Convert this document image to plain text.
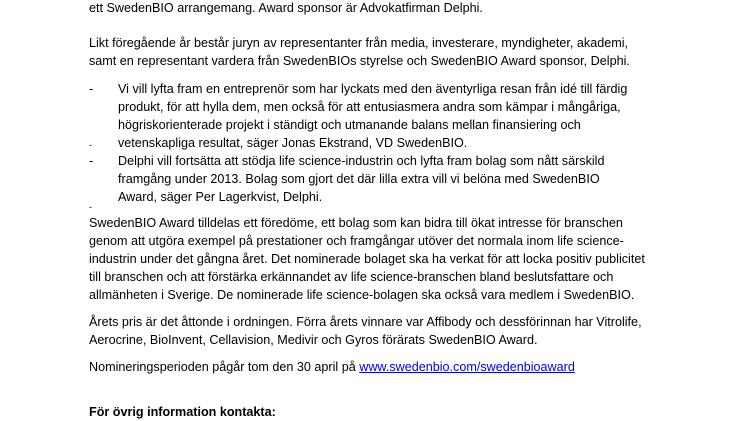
ett SwedenBIO arrangemang. Award sponsor är Advokatfirman Delphi.
Likt föregående år består juryn av representanter från media, investerare, myndigheter, akademi,
samt en representant vardera från SwedenBIOs styrelse och SwedenBIO Award sponsor, Delphi.
- Vi vill lyfta fram en entreprenör som har lyckats med den äventyrliga resan från idé till färdig
produkt, för att hylla dem, men också för att entusiasmera andra som kämpar i mångåriga,
högriskorienterade projekt i ständigt och utmanande balans mellan finansiering och
vetenskapliga resultat, säger Jonas Ekstrand, VD SwedenBIO.
-
- Delphi vill fortsätta att stödja life science-industrin och lyfta fram bolag som nått särskild
framgång under 2013. Bolag som gjort det där lilla extra vill vi belöna med SwedenBIO
Award, säger Per Lagerkvist, Delphi.
-
SwedenBIO Award tilldelas ett föredöme, ett bolag som kan bidra till ökat intresse för branschen
genom att utgöra exempel på prestationer och framgångar utöver det normala inom life science-
industrin under det gångna året. Det nominerade bolaget ska ha verkat för att locka positiv publicitet
till branschen och att förstärka erkännandet av life science-branschen bland beslutsfattare och
allmänheten i Sverige. De nominerade life science-bolagen ska också vara medlem i SwedenBIO.
Årets pris är det åttonde i ordningen. Förra årets vinnare var Affibody och dessförinnan har Vitrolife,
Aerocrine, BioInvent, Cellavision, Medivir och Gyros förärats SwedenBIO Award.
Nomineringsperioden pågår tom den 30 april på www.swedenbio.com/swedenbioaward
För övrig information kontakta:
